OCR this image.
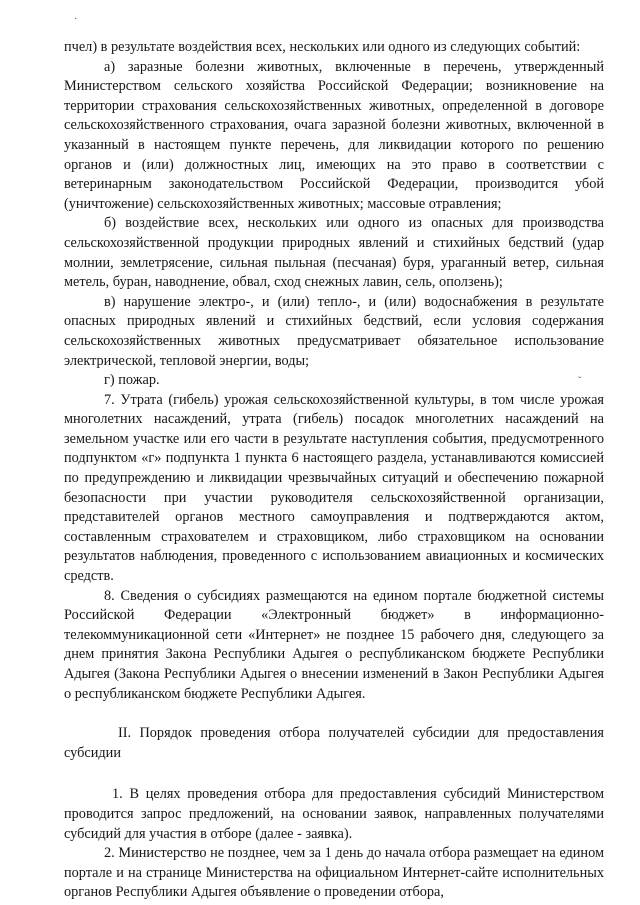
·
ˇ

пчел) в результате воздействия всех, нескольких или одного из следующих событий:

а) заразные болезни животных, включенные в перечень, утвержденный Министерством сельского хозяйства Российской Федерации; возникновение на территории страхования сельскохозяйственных животных, определенной в договоре сельскохозяйственного страхования, очага заразной болезни животных, включенной в указанный в настоящем пункте перечень, для ликвидации которого по решению органов и (или) должностных лиц, имеющих на это право в соответствии с ветеринарным законодательством Российской Федерации, производится убой (уничтожение) сельскохозяйственных животных; массовые отравления;

б) воздействие всех, нескольких или одного из опасных для производства сельскохозяйственной продукции природных явлений и стихийных бедствий (удар молнии, землетрясение, сильная пыльная (песчаная) буря, ураганный ветер, сильная метель, буран, наводнение, обвал, сход снежных лавин, сель, оползень);

в) нарушение электро-, и (или) тепло-, и (или) водоснабжения в результате опасных природных явлений и стихийных бедствий, если условия содержания сельскохозяйственных животных предусматривает обязательное использование электрической, тепловой энергии, воды;

г) пожар.

7. Утрата (гибель) урожая сельскохозяйственной культуры, в том числе урожая многолетних насаждений, утрата (гибель) посадок многолетних насаждений на земельном участке или его части в результате наступления события, предусмотренного подпунктом «г» подпункта 1 пункта 6 настоящего раздела, устанавливаются комиссией по предупреждению и ликвидации чрезвычайных ситуаций и обеспечению пожарной безопасности при участии руководителя сельскохозяйственной организации, представителей органов местного самоуправления и подтверждаются актом, составленным страхователем и страховщиком, либо страховщиком на основании результатов наблюдения, проведенного с использованием авиационных и космических средств.

8. Сведения о субсидиях размещаются на едином портале бюджетной системы Российской Федерации «Электронный бюджет» в информационно-телекоммуникационной сети «Интернет» не позднее 15 рабочего дня, следующего за днем принятия Закона Республики Адыгея о республиканском бюджете Республики Адыгея (Закона Республики Адыгея о внесении изменений в Закон Республики Адыгея о республиканском бюджете Республики Адыгея.

II. Порядок проведения отбора получателей субсидии для предоставления субсидии

1. В целях проведения отбора для предоставления субсидий Министерством проводится запрос предложений, на основании заявок, направленных получателями субсидий для участия в отборе (далее - заявка).

2. Министерство не позднее, чем за 1 день до начала отбора размещает на едином портале и на странице Министерства на официальном Интернет-сайте исполнительных органов Республики Адыгея объявление о проведении отбора,
